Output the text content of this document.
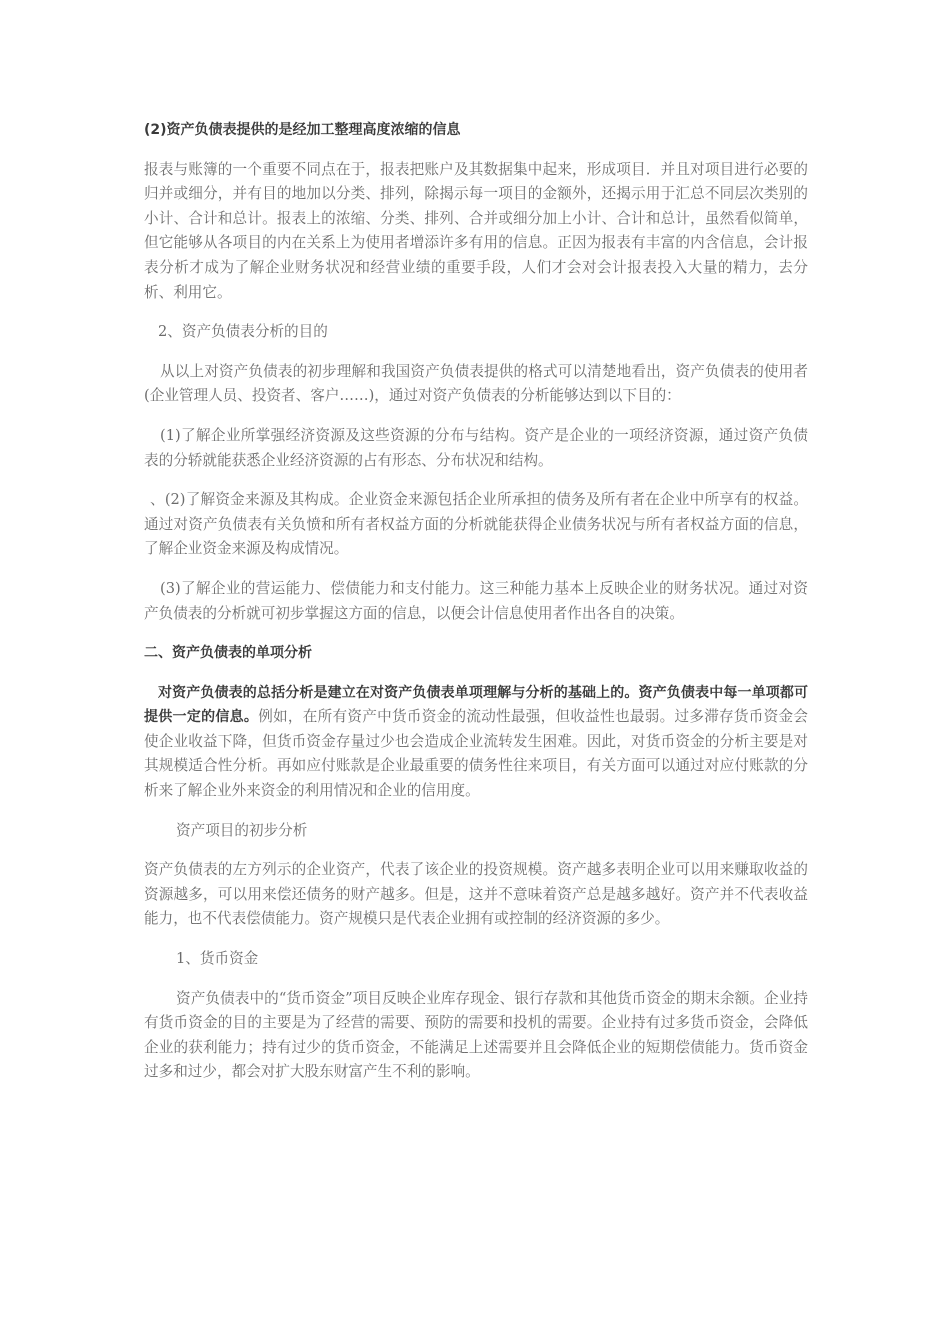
(2)资产负债表提供的是经加工整理高度浓缩的信息

报表与账簿的一个重要不同点在于，报表把账户及其数据集中起来，形成项目．并且对项目进行必要的归并或细分，并有目的地加以分类、排列，除揭示每一项目的金额外，还揭示用于汇总不同层次类别的小计、合计和总计。报表上的浓缩、分类、排列、合并或细分加上小计、合计和总计，虽然看似简单，但它能够从各项目的内在关系上为使用者增添许多有用的信息。正因为报表有丰富的内含信息，会计报表分析才成为了解企业财务状况和经营业绩的重要手段，人们才会对会计报表投入大量的精力，去分析、利用它。

2、资产负债表分析的目的

从以上对资产负债表的初步理解和我国资产负债表提供的格式可以清楚地看出，资产负债表的使用者(企业管理人员、投资者、客户……)，通过对资产负债表的分析能够达到以下目的：

(1)了解企业所掌强经济资源及这些资源的分布与结构。资产是企业的一项经济资源，通过资产负债表的分轿就能获悉企业经济资源的占有形态、分布状况和结构。

、(2)了解资金来源及其构成。企业资金来源包括企业所承担的债务及所有者在企业中所享有的权益。通过对资产负债表有关负愤和所有者权益方面的分析就能获得企业债务状况与所有者权益方面的信息，了解企业资金来源及构成情况。

(3)了解企业的营运能力、偿债能力和支付能力。这三种能力基本上反映企业的财务状况。通过对资产负债表的分析就可初步掌握这方面的信息，以便会计信息使用者作出各自的决策。

二、资产负债表的单项分析

对资产负债表的总括分析是建立在对资产负债表单项理解与分析的基础上的。资产负债表中每一单项都可提供一定的信息。例如，在所有资产中货币资金的流动性最强，但收益性也最弱。过多滞存货币资金会使企业收益下降，但货币资金存量过少也会造成企业流转发生困难。因此，对货币资金的分析主要是对其规模适合性分析。再如应付账款是企业最重要的债务性往来项目，有关方面可以通过对应付账款的分析来了解企业外来资金的利用情况和企业的信用度。

资产项目的初步分析

资产负债表的左方列示的企业资产，代表了该企业的投资规模。资产越多表明企业可以用来赚取收益的资源越多，可以用来偿还债务的财产越多。但是，这并不意味着资产总是越多越好。资产并不代表收益能力，也不代表偿债能力。资产规模只是代表企业拥有或控制的经济资源的多少。

1、货币资金

资产负债表中的“货币资金”项目反映企业库存现金、银行存款和其他货币资金的期末余额。企业持有货币资金的目的主要是为了经营的需要、预防的需要和投机的需要。企业持有过多货币资金，会降低企业的获利能力；持有过少的货币资金，不能满足上述需要并且会降低企业的短期偿债能力。货币资金过多和过少，都会对扩大股东财富产生不利的影响。
